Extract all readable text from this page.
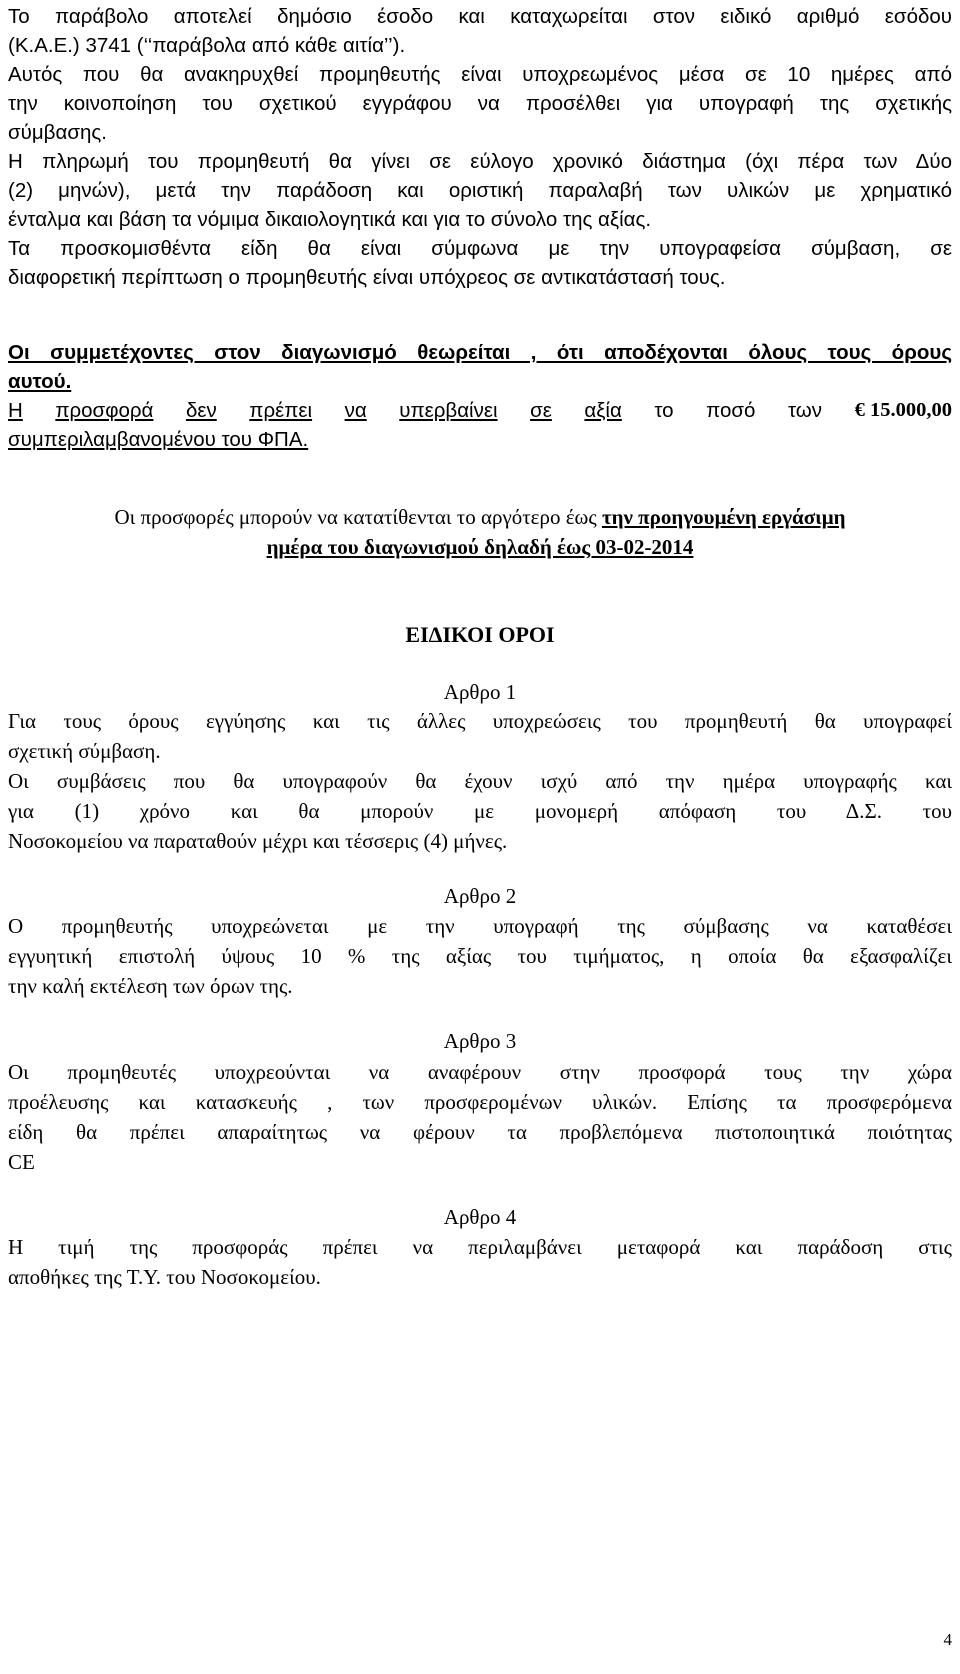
Το παράβολο αποτελεί δημόσιο έσοδο και καταχωρείται στον ειδικό αριθμό εσόδου
(Κ.Α.Ε.) 3741 (‘‘παράβολα από κάθε αιτία’’).
Αυτός που θα ανακηρυχθεί προμηθευτής είναι υποχρεωμένος μέσα σε 10 ημέρες από
την κοινοποίηση του σχετικού εγγράφου να προσέλθει για υπογραφή της σχετικής
σύμβασης.
Η πληρωμή του προμηθευτή θα γίνει σε εύλογο χρονικό διάστημα (όχι πέρα των Δύο
(2) μηνών), μετά την παράδοση και οριστική παραλαβή των υλικών με χρηματικό
ένταλμα και βάση τα νόμιμα δικαιολογητικά και για το σύνολο της αξίας.
Τα προσκομισθέντα είδη θα είναι σύμφωνα με την υπογραφείσα σύμβαση, σε
διαφορετική περίπτωση ο προμηθευτής είναι υπόχρεος σε αντικατάστασή τους.
Οι συμμετέχοντες στον διαγωνισμό θεωρείται , ότι αποδέχονται όλους τους όρους
αυτού.
Η προσφορά δεν πρέπει να υπερβαίνει σε αξία το ποσό των € 15.000,00
συμπεριλαμβανομένου του ΦΠΑ.
Οι προσφορές μπορούν να κατατίθενται το αργότερο έως την προηγουμένη εργάσιμη
ημέρα του διαγωνισμού δηλαδή έως 03-02-2014
ΕΙΔΙΚΟΙ ΟΡΟΙ
Αρθρο 1
Για τους όρους εγγύησης και τις άλλες υποχρεώσεις του προμηθευτή θα υπογραφεί
σχετική σύμβαση.
Οι συμβάσεις που θα υπογραφούν θα έχουν ισχύ από την ημέρα υπογραφής και
για (1) χρόνο και θα μπορούν με μονομερή απόφαση του Δ.Σ. του
Νοσοκομείου να παραταθούν μέχρι και τέσσερις (4) μήνες.
Αρθρο 2
Ο προμηθευτής υποχρεώνεται με την υπογραφή της σύμβασης να καταθέσει
εγγυητική επιστολή ύψους 10 % της αξίας του τιμήματος, η οποία θα εξασφαλίζει
την καλή εκτέλεση των όρων της.
Αρθρο 3
Οι προμηθευτές υποχρεούνται να αναφέρουν στην προσφορά τους την χώρα
προέλευσης και κατασκευής , των προσφερομένων υλικών. Επίσης τα προσφερόμενα
είδη θα πρέπει απαραίτητως να φέρουν τα προβλεπόμενα πιστοποιητικά ποιότητας
CE
Αρθρο 4
Η τιμή της προσφοράς πρέπει να περιλαμβάνει μεταφορά και παράδοση στις
αποθήκες της Τ.Υ. του Νοσοκομείου.
4
